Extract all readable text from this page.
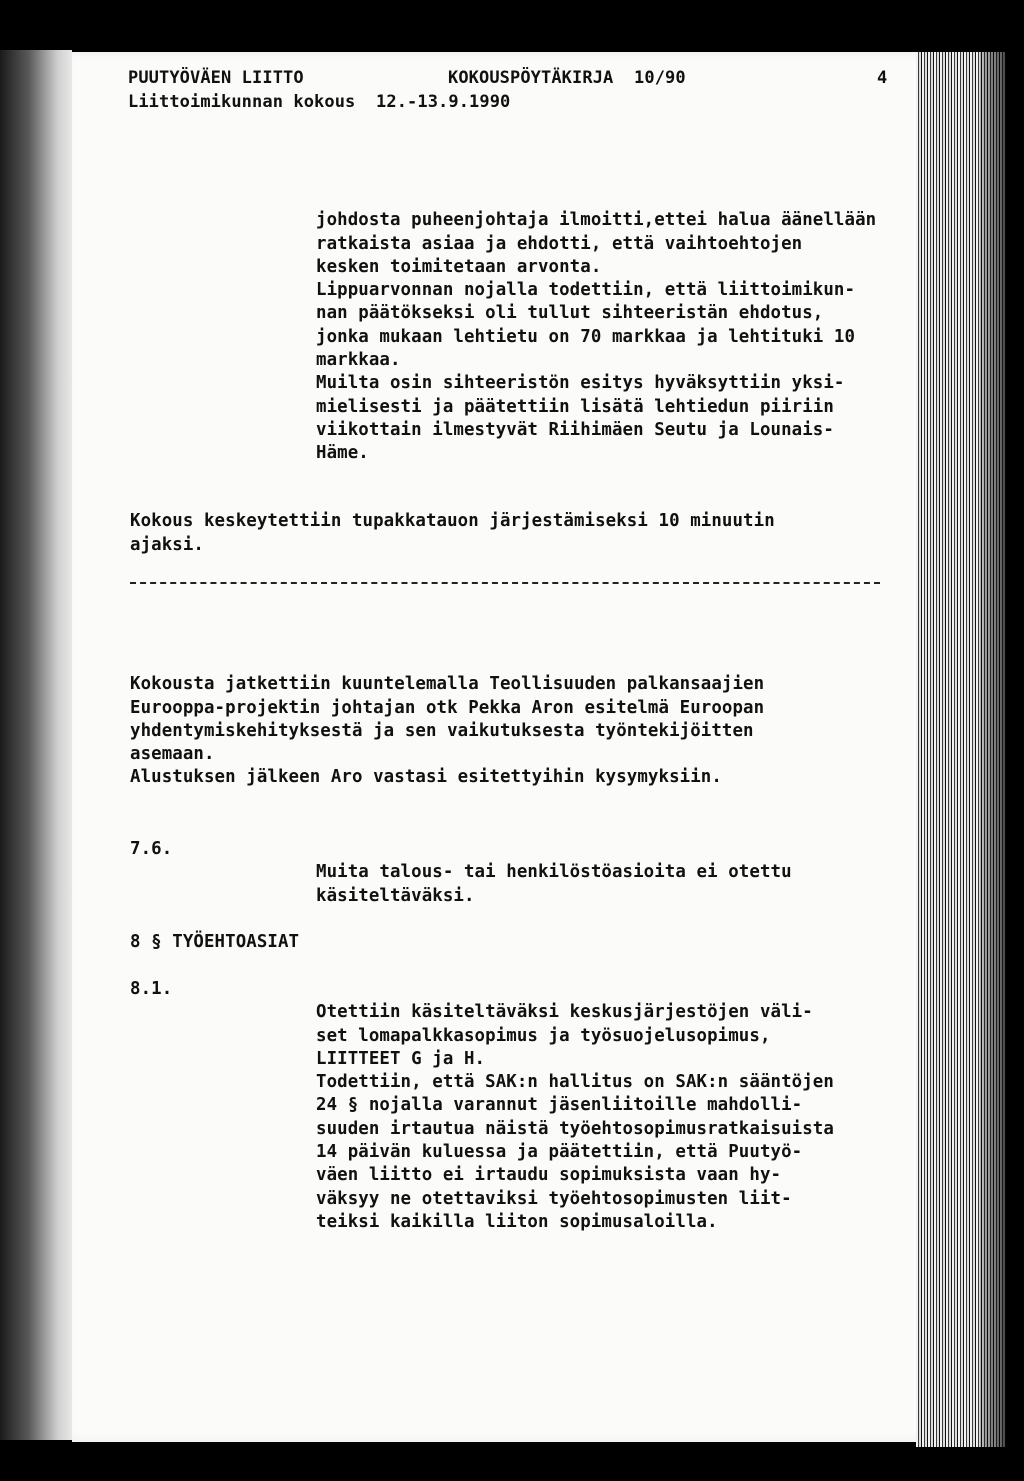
PUUTYÖVÄEN LIITTO	KOKOUSPÖYTÄKIRJA  10/90	4
Liittoimikunnan kokous  12.-13.9.1990

johdosta puheenjohtaja ilmoitti,ettei halua äänellään
ratkaista asiaa ja ehdotti, että vaihtoehtojen
kesken toimitetaan arvonta.
Lippuarvonnan nojalla todettiin, että liittoimikun-
nan päätökseksi oli tullut sihteeristän ehdotus,
jonka mukaan lehtietu on 70 markkaa ja lehtituki 10
markkaa.
Muilta osin sihteeristön esitys hyväksyttiin yksi-
mielisesti ja päätettiin lisätä lehtiedun piiriin
viikottain ilmestyvät Riihimäen Seutu ja Lounais-
Häme.

Kokous keskeytettiin tupakkatauon järjestämiseksi 10 minuutin
ajaksi.

Kokousta jatkettiin kuuntelemalla Teollisuuden palkansaajien
Eurooppa-projektin johtajan otk Pekka Aron esitelmä Euroopan
yhdentymiskehityksestä ja sen vaikutuksesta työntekijöitten
asemaan.
Alustuksen jälkeen Aro vastasi esitettyihin kysymyksiin.

7.6.

Muita talous- tai henkilöstöasioita ei otettu
käsiteltäväksi.

8 § TYÖEHTOASIAT
8.1.

Otettiin käsiteltäväksi keskusjärjestöjen väli-
set lomapalkkasopimus ja työsuojelusopimus,
LIITTEET G ja H.
Todettiin, että SAK:n hallitus on SAK:n sääntöjen
24 § nojalla varannut jäsenliitoille mahdolli-
suuden irtautua näistä työehtosopimusratkaisuista
14 päivän kuluessa ja päätettiin, että Puutyö-
väen liitto ei irtaudu sopimuksista vaan hy-
väksyy ne otettaviksi työehtosopimusten liit-
teiksi kaikilla liiton sopimusaloilla.
